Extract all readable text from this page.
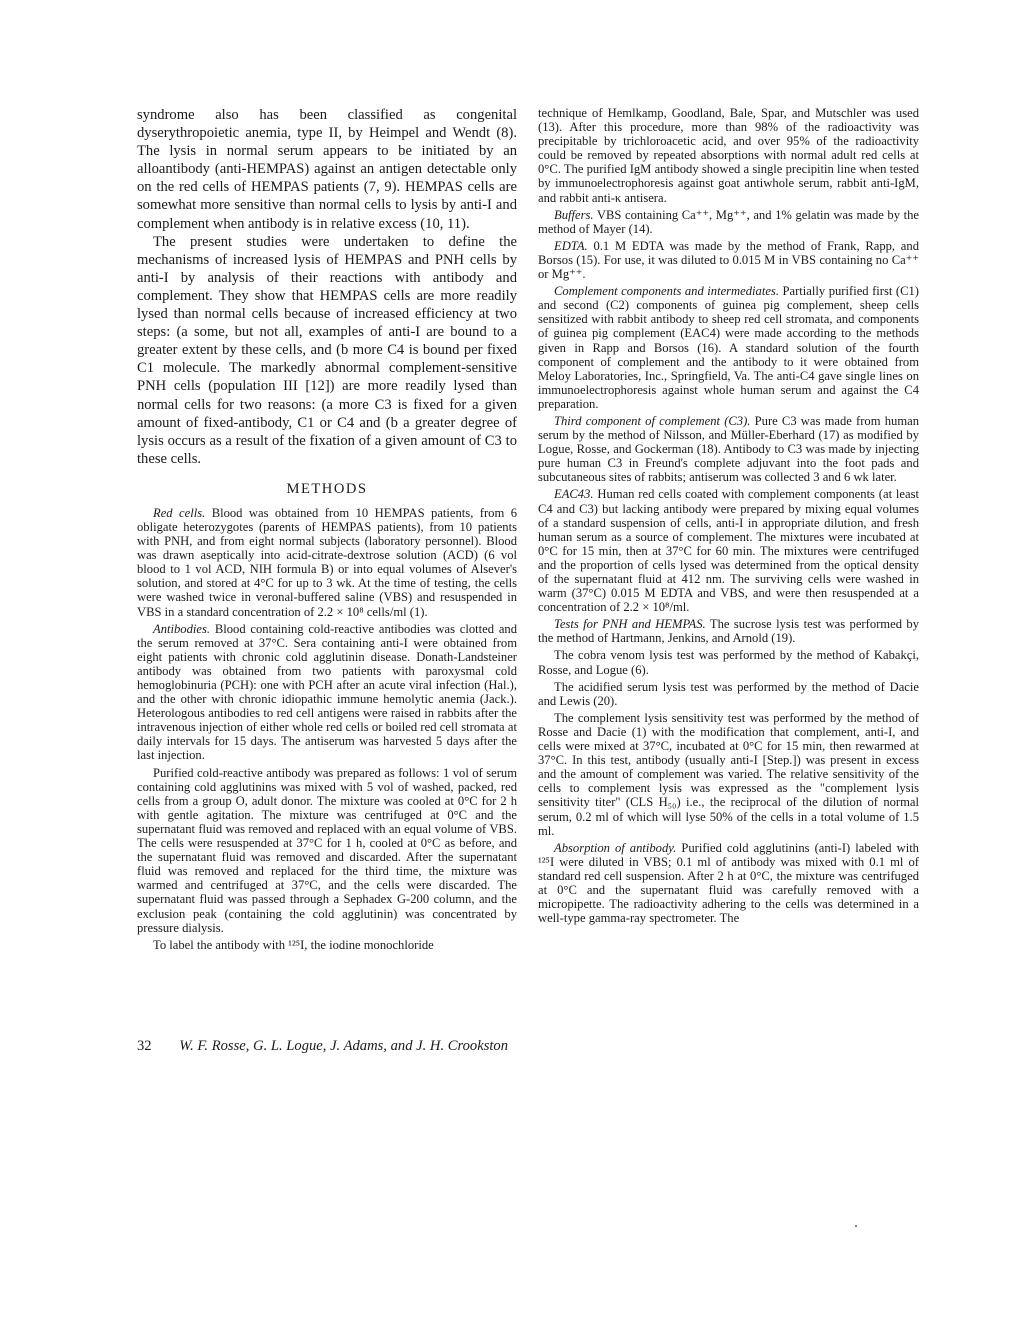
syndrome also has been classified as congenital dyserythropoietic anemia, type II, by Heimpel and Wendt (8). The lysis in normal serum appears to be initiated by an alloantibody (anti-HEMPAS) against an antigen detectable only on the red cells of HEMPAS patients (7, 9). HEMPAS cells are somewhat more sensitive than normal cells to lysis by anti-I and complement when antibody is in relative excess (10, 11).

The present studies were undertaken to define the mechanisms of increased lysis of HEMPAS and PNH cells by anti-I by analysis of their reactions with antibody and complement. They show that HEMPAS cells are more readily lysed than normal cells because of increased efficiency at two steps: (a some, but not all, examples of anti-I are bound to a greater extent by these cells, and (b more C4 is bound per fixed C1 molecule. The markedly abnormal complement-sensitive PNH cells (population III [12]) are more readily lysed than normal cells for two reasons: (a more C3 is fixed for a given amount of fixed-antibody, C1 or C4 and (b a greater degree of lysis occurs as a result of the fixation of a given amount of C3 to these cells.

METHODS

Red cells. Blood was obtained from 10 HEMPAS patients, from 6 obligate heterozygotes (parents of HEMPAS patients), from 10 patients with PNH, and from eight normal subjects (laboratory personnel). Blood was drawn aseptically into acid-citrate-dextrose solution (ACD) (6 vol blood to 1 vol ACD, NIH formula B) or into equal volumes of Alsever's solution, and stored at 4°C for up to 3 wk. At the time of testing, the cells were washed twice in veronal-buffered saline (VBS) and resuspended in VBS in a standard concentration of 2.2 × 10⁸ cells/ml (1).

Antibodies. Blood containing cold-reactive antibodies was clotted and the serum removed at 37°C. Sera containing anti-I were obtained from eight patients with chronic cold agglutinin disease. Donath-Landsteiner antibody was obtained from two patients with paroxysmal cold hemoglobinuria (PCH): one with PCH after an acute viral infection (Hal.), and the other with chronic idiopathic immune hemolytic anemia (Jack.). Heterologous antibodies to red cell antigens were raised in rabbits after the intravenous injection of either whole red cells or boiled red cell stromata at daily intervals for 15 days. The antiserum was harvested 5 days after the last injection.

Purified cold-reactive antibody was prepared as follows: 1 vol of serum containing cold agglutinins was mixed with 5 vol of washed, packed, red cells from a group O, adult donor. The mixture was cooled at 0°C for 2 h with gentle agitation. The mixture was centrifuged at 0°C and the supernatant fluid was removed and replaced with an equal volume of VBS. The cells were resuspended at 37°C for 1 h, cooled at 0°C as before, and the supernatant fluid was removed and discarded. After the supernatant fluid was removed and replaced for the third time, the mixture was warmed and centrifuged at 37°C, and the cells were discarded. The supernatant fluid was passed through a Sephadex G-200 column, and the exclusion peak (containing the cold agglutinin) was concentrated by pressure dialysis.

To label the antibody with ¹²⁵I, the iodine monochloride

technique of Hemlkamp, Goodland, Bale, Spar, and Mutschler was used (13). After this procedure, more than 98% of the radioactivity was precipitable by trichloroacetic acid, and over 95% of the radioactivity could be removed by repeated absorptions with normal adult red cells at 0°C. The purified IgM antibody showed a single precipitin line when tested by immunoelectrophoresis against goat antiwhole serum, rabbit anti-IgM, and rabbit anti-κ antisera.

Buffers. VBS containing Ca⁺⁺, Mg⁺⁺, and 1% gelatin was made by the method of Mayer (14).

EDTA. 0.1 M EDTA was made by the method of Frank, Rapp, and Borsos (15). For use, it was diluted to 0.015 M in VBS containing no Ca⁺⁺ or Mg⁺⁺.

Complement components and intermediates. Partially purified first (C1) and second (C2) components of guinea pig complement, sheep cells sensitized with rabbit antibody to sheep red cell stromata, and components of guinea pig complement (EAC4) were made according to the methods given in Rapp and Borsos (16). A standard solution of the fourth component of complement and the antibody to it were obtained from Meloy Laboratories, Inc., Springfield, Va. The anti-C4 gave single lines on immunoelectrophoresis against whole human serum and against the C4 preparation.

Third component of complement (C3). Pure C3 was made from human serum by the method of Nilsson, and Müller-Eberhard (17) as modified by Logue, Rosse, and Gockerman (18). Antibody to C3 was made by injecting pure human C3 in Freund's complete adjuvant into the foot pads and subcutaneous sites of rabbits; antiserum was collected 3 and 6 wk later.

EAC43. Human red cells coated with complement components (at least C4 and C3) but lacking antibody were prepared by mixing equal volumes of a standard suspension of cells, anti-I in appropriate dilution, and fresh human serum as a source of complement. The mixtures were incubated at 0°C for 15 min, then at 37°C for 60 min. The mixtures were centrifuged and the proportion of cells lysed was determined from the optical density of the supernatant fluid at 412 nm. The surviving cells were washed in warm (37°C) 0.015 M EDTA and VBS, and were then resuspended at a concentration of 2.2 × 10⁸/ml.

Tests for PNH and HEMPAS. The sucrose lysis test was performed by the method of Hartmann, Jenkins, and Arnold (19).

The cobra venom lysis test was performed by the method of Kabakçi, Rosse, and Logue (6).

The acidified serum lysis test was performed by the method of Dacie and Lewis (20).

The complement lysis sensitivity test was performed by the method of Rosse and Dacie (1) with the modification that complement, anti-I, and cells were mixed at 37°C, incubated at 0°C for 15 min, then rewarmed at 37°C. In this test, antibody (usually anti-I [Step.]) was present in excess and the amount of complement was varied. The relative sensitivity of the cells to complement lysis was expressed as the "complement lysis sensitivity titer" (CLS H₅₀) i.e., the reciprocal of the dilution of normal serum, 0.2 ml of which will lyse 50% of the cells in a total volume of 1.5 ml.

Absorption of antibody. Purified cold agglutinins (anti-I) labeled with ¹²⁵I were diluted in VBS; 0.1 ml of antibody was mixed with 0.1 ml of standard red cell suspension. After 2 h at 0°C, the mixture was centrifuged at 0°C and the supernatant fluid was carefully removed with a micropipette. The radioactivity adhering to the cells was determined in a well-type gamma-ray spectrometer. The

32 W. F. Rosse, G. L. Logue, J. Adams, and J. H. Crookston
